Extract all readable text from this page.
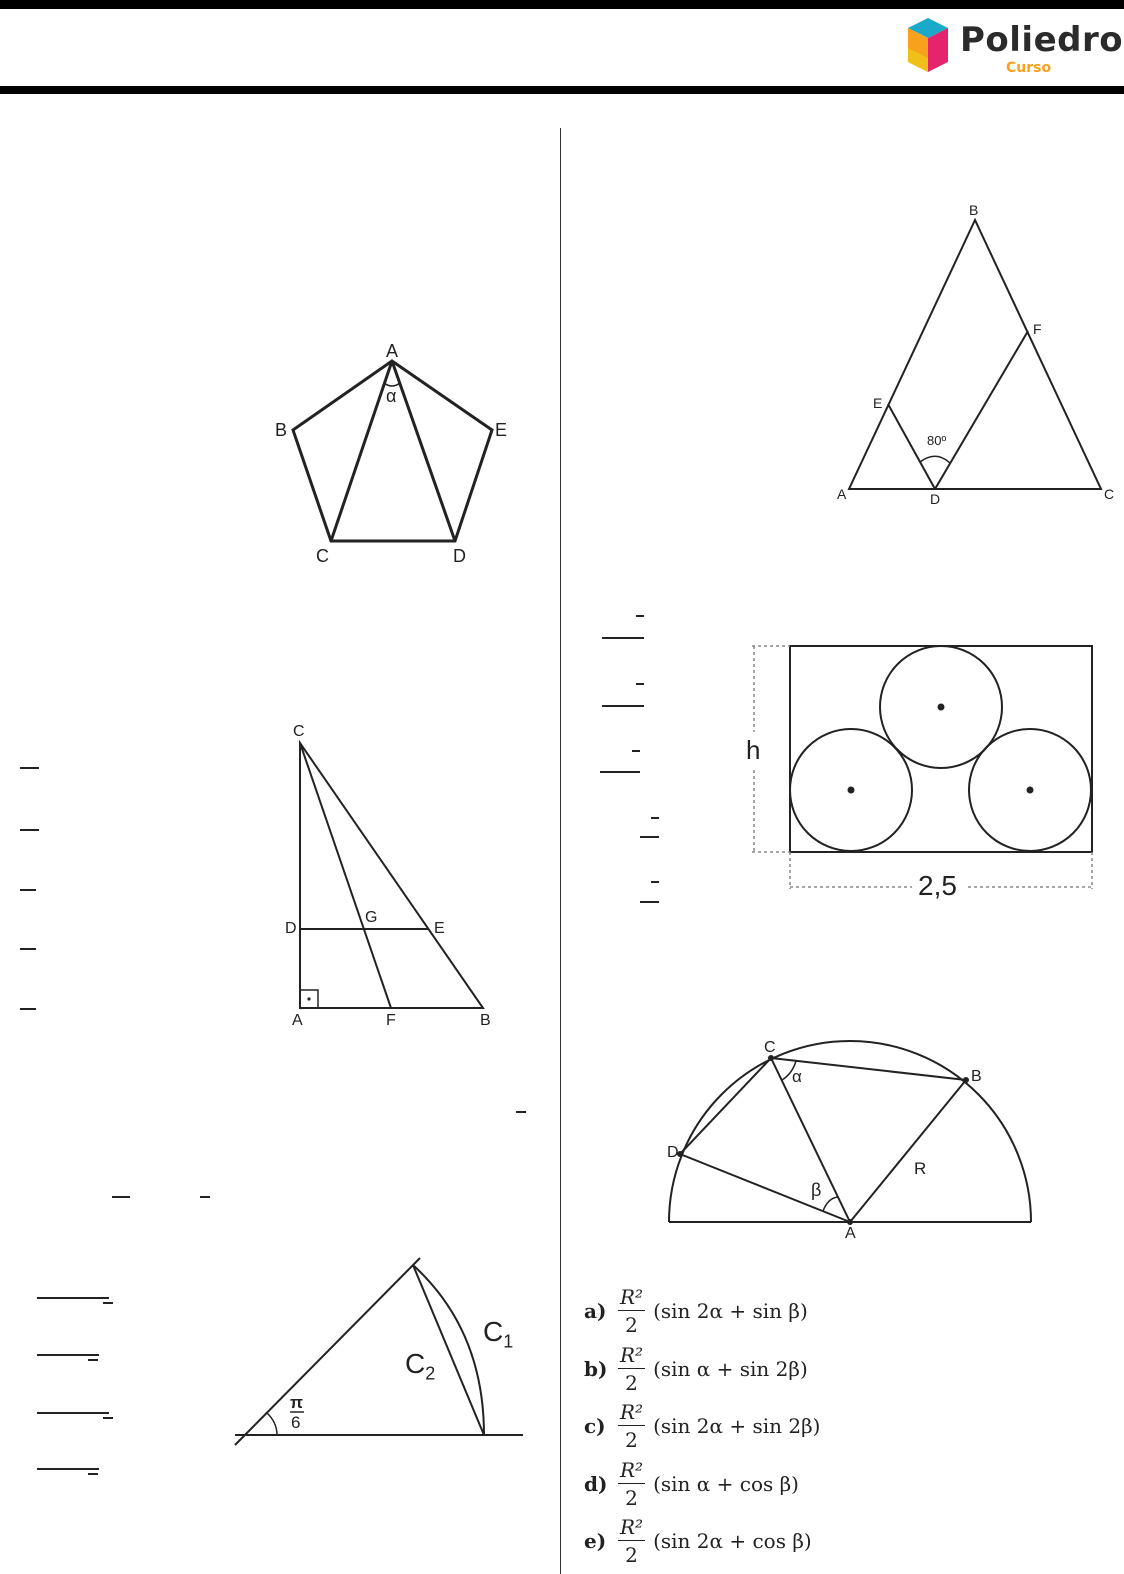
Poliedro
Curso
A
B	E
C	D
α
B
F
E
A	D	C
80º
C
D
G
E
A	F	B
h
2,5
$C_1$
$C_2$
π
6
C
B
D
A
R
α
β
$a) \frac{\text{R²}}{2} (\sin$ 2α + sin β)
$b) \frac{\text{R²}}{2} (\sin$ α + sin 2β)
$c) \frac{\text{R²}}{2} (\sin$ 2α + sin 2β)
$d) \frac{\text{R²}}{2} (\sin$ α + cos β)
$e) \frac{\text{R²}}{2} (\sin$ 2α + cos β)
